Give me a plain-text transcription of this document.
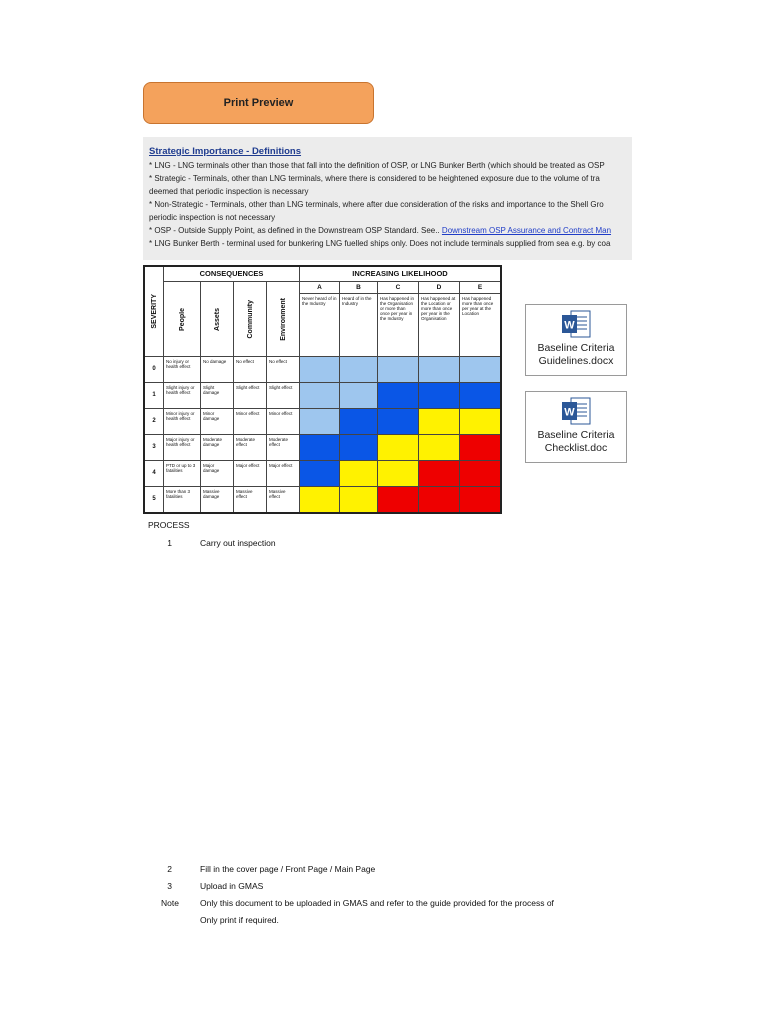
Print Preview
Strategic Importance - Definitions
* LNG - LNG terminals other than those that fall into the definition of OSP, or LNG Bunker Berth (which should be treated as OSP
* Strategic - Terminals, other than LNG terminals, where there is considered to be heightened exposure due to the volume of tra
deemed that periodic inspection is necessary
* Non-Strategic - Terminals, other than LNG terminals, where after due consideration of the risks and importance to the Shell Gro
periodic inspection is not necessary
* OSP - Outside Supply Point, as defined in the Downstream OSP Standard. See.. Downstream OSP Assurance and Contract Man
* LNG Bunker Berth - terminal used for bunkering LNG fuelled ships only. Does not include terminals supplied from sea e.g. by coa
SEVERITY	CONSEQUENCES				INCREASING LIKELIHOOD				

	People	Assets	Community	Environment	A	B	C	D	E
					Never heard of in the Industry	Heard of in the Industry	Has happened in the Organisation or more than once per year in the Industry	Has happened at the Location or more than once per year in the Organisation	Has happened more than once per year at the Location
0	No injury or health effect	No damage	No effect	No effect					
1	Slight injury or health effect	Slight damage	Slight effect	Slight effect					
2	Minor injury or health effect	Minor damage	Minor effect	Minor effect					
3	Major injury or health effect	Moderate damage	Moderate effect	Moderate effect					
4	PTD or up to 3 fatalities	Major damage	Major effect	Major effect					
5	More than 3 fatalities	Massive damage	Massive effect	Massive effect					
W
Baseline Criteria
Guidelines.docx
W
Baseline Criteria
Checklist.doc
PROCESS
1	Carry out inspection
2	Fill in the cover page / Front Page / Main Page
3	Upload in GMAS
Note Only this document to be uploaded in GMAS and refer to the guide provided for the process of
Only print if required.
